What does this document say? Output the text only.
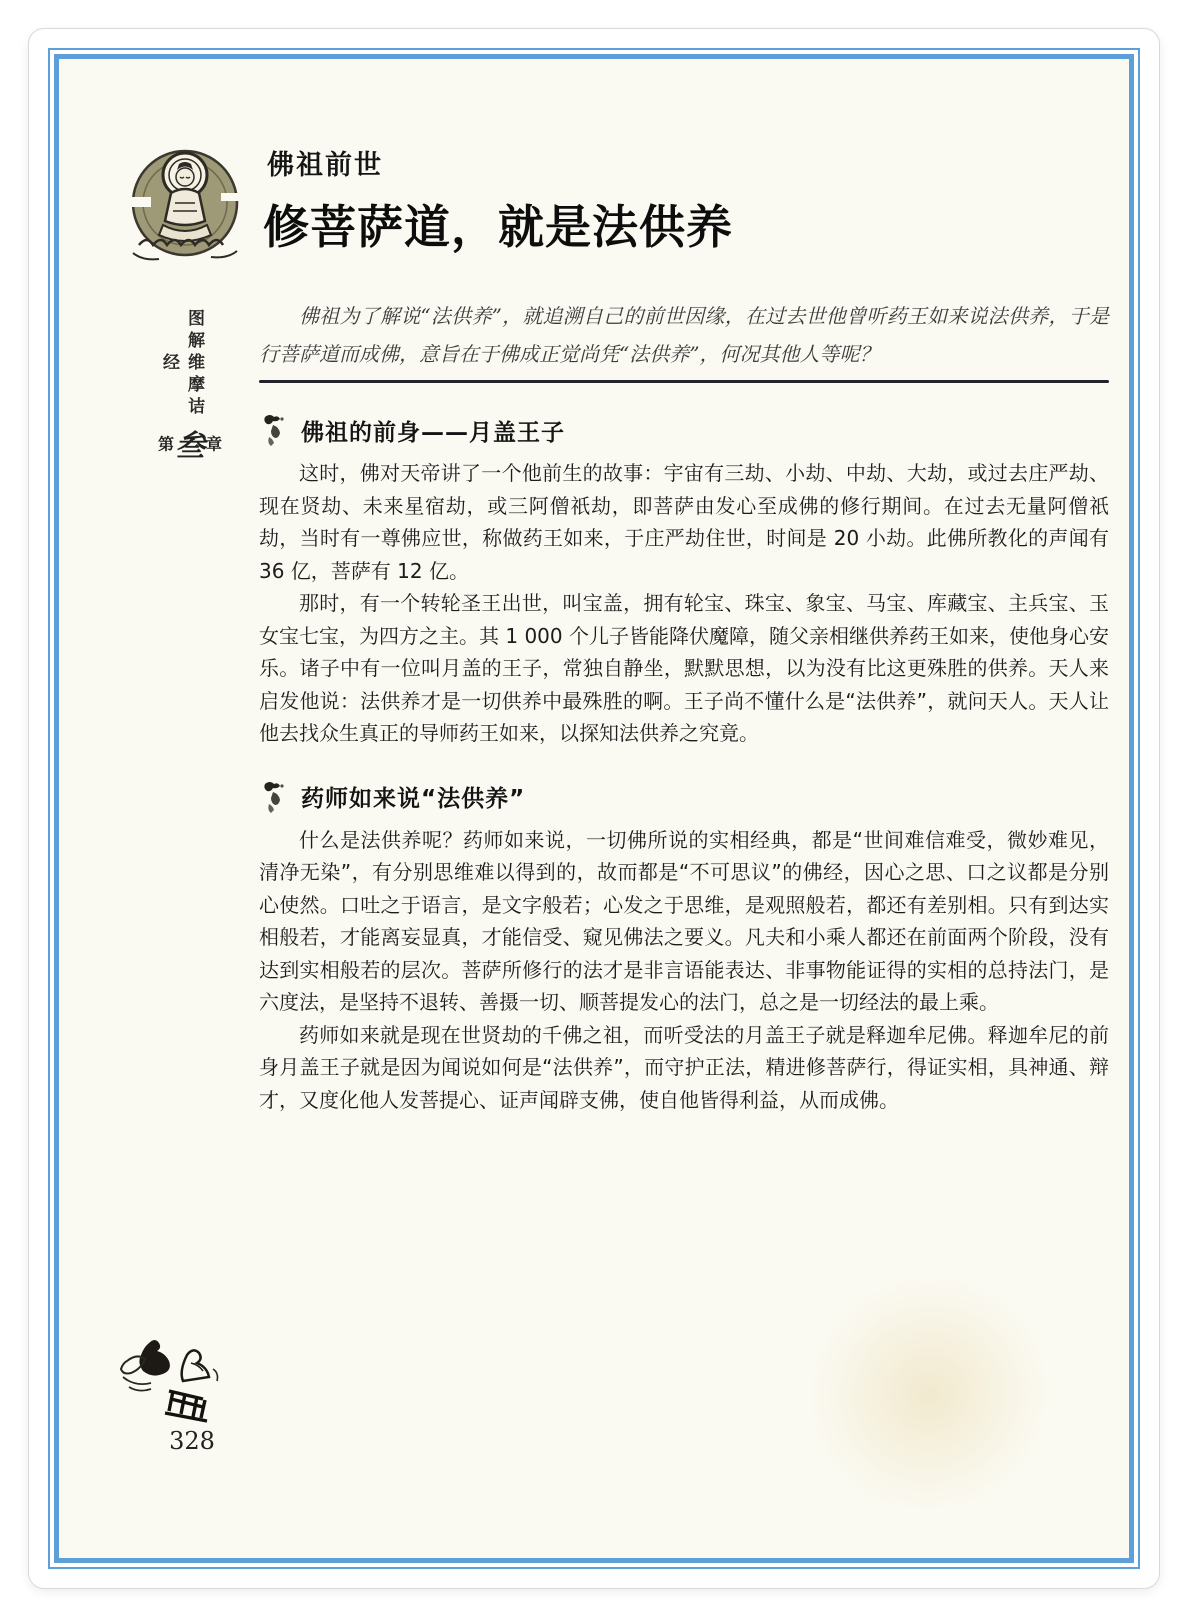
图解维摩诘经
第叁章
佛祖前世
修菩萨道，就是法供养

佛祖为了解说“法供养”，就追溯自己的前世因缘，在过去世他曾听药王如来说法供养，于是行菩萨道而成佛，意旨在于佛成正觉尚凭“法供养”，何况其他人等呢？

佛祖的前身——月盖王子

这时，佛对天帝讲了一个他前生的故事：宇宙有三劫、小劫、中劫、大劫，或过去庄严劫、现在贤劫、未来星宿劫，或三阿僧祇劫，即菩萨由发心至成佛的修行期间。在过去无量阿僧祇劫，当时有一尊佛应世，称做药王如来，于庄严劫住世，时间是 20 小劫。此佛所教化的声闻有 36 亿，菩萨有 12 亿。

那时，有一个转轮圣王出世，叫宝盖，拥有轮宝、珠宝、象宝、马宝、库藏宝、主兵宝、玉女宝七宝，为四方之主。其 1 000 个儿子皆能降伏魔障，随父亲相继供养药王如来，使他身心安乐。诸子中有一位叫月盖的王子，常独自静坐，默默思想，以为没有比这更殊胜的供养。天人来启发他说：法供养才是一切供养中最殊胜的啊。王子尚不懂什么是“法供养”，就问天人。天人让他去找众生真正的导师药王如来，以探知法供养之究竟。

药师如来说“法供养”

什么是法供养呢？药师如来说，一切佛所说的实相经典，都是“世间难信难受，微妙难见，清净无染”，有分别思维难以得到的，故而都是“不可思议”的佛经，因心之思、口之议都是分别心使然。口吐之于语言，是文字般若；心发之于思维，是观照般若，都还有差别相。只有到达实相般若，才能离妄显真，才能信受、窥见佛法之要义。凡夫和小乘人都还在前面两个阶段，没有达到实相般若的层次。菩萨所修行的法才是非言语能表达、非事物能证得的实相的总持法门，是六度法，是坚持不退转、善摄一切、顺菩提发心的法门，总之是一切经法的最上乘。

药师如来就是现在世贤劫的千佛之祖，而听受法的月盖王子就是释迦牟尼佛。释迦牟尼的前身月盖王子就是因为闻说如何是“法供养”，而守护正法，精进修菩萨行，得证实相，具神通、辩才，又度化他人发菩提心、证声闻辟支佛，使自他皆得利益，从而成佛。

328
